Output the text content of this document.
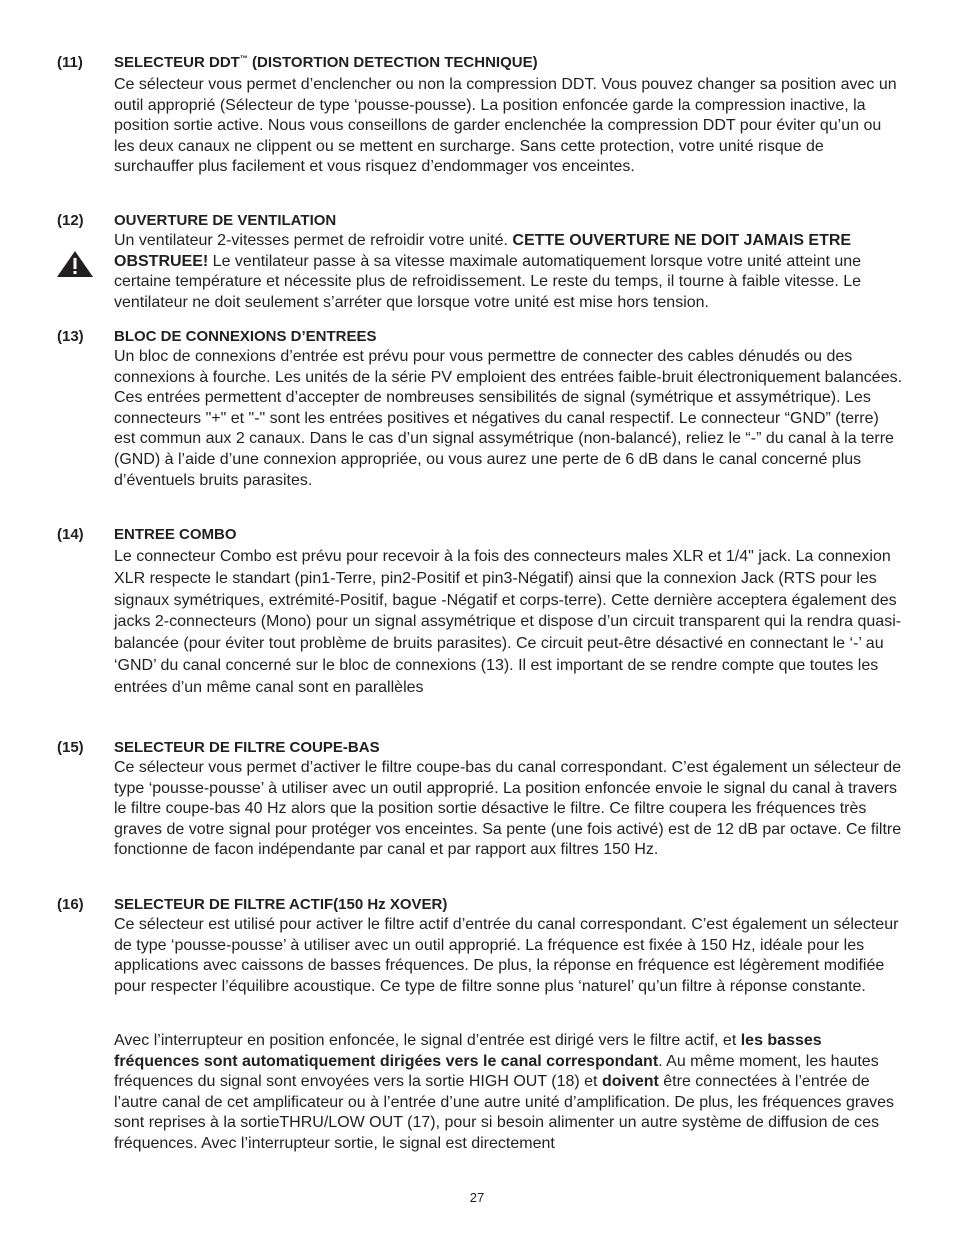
(11) SELECTEUR DDT™ (DISTORTION DETECTION TECHNIQUE)
Ce sélecteur vous permet d’enclencher ou non la compression DDT. Vous pouvez changer sa position avec un outil approprié (Sélecteur de type ‘pousse-pousse). La position enfoncée garde la compression inactive, la position sortie active. Nous vous conseillons de garder enclenchée la compression DDT pour éviter qu’un ou les deux canaux ne clippent ou se mettent en surcharge. Sans cette protection, votre unité risque de surchauffer plus facilement et vous risquez d’endommager vos enceintes.
(12) OUVERTURE DE VENTILATION
Un ventilateur 2-vitesses permet de refroidir votre unité. CETTE OUVERTURE NE DOIT JAMAIS ETRE OBSTRUEE! Le ventilateur passe à sa vitesse maximale automatiquement lorsque votre unité atteint une certaine température et nécessite plus de refroidissement. Le reste du temps, il tourne à faible vitesse. Le ventilateur ne doit seulement s’arréter que lorsque votre unité est mise hors tension.
(13) BLOC DE CONNEXIONS D’ENTREES
Un bloc de connexions d’entrée est prévu pour vous permettre de connecter des cables dénudés ou des connexions à fourche. Les unités de la série PV emploient des entrées faible-bruit électroniquement balancées. Ces entrées permettent d’accepter de nombreuses sensibilités de signal (symétrique et assymétrique). Les connecteurs "+" et "-" sont les entrées positives et négatives du canal respectif. Le connecteur “GND” (terre) est commun aux 2 canaux. Dans le cas d’un signal assymétrique (non-balancé), reliez le “-” du canal à la terre (GND) à l’aide d’une connexion appropriée, ou vous aurez une perte de 6 dB dans le canal concerné plus d’éventuels bruits parasites.
(14) ENTREE COMBO
Le connecteur Combo est prévu pour recevoir à la fois des connecteurs males XLR et 1/4" jack. La connexion XLR respecte le standart (pin1-Terre, pin2-Positif et pin3-Négatif) ainsi que la connexion Jack (RTS pour les signaux symétriques, extrémité-Positif, bague -Négatif et corps-terre). Cette dernière acceptera également des jacks 2-connecteurs (Mono) pour un signal assymétrique et dispose d’un circuit transparent qui la rendra quasi-balancée (pour éviter tout problème de bruits parasites). Ce circuit peut-être désactivé en connectant le ‘-’ au ‘GND’ du canal concerné sur le bloc de connexions (13). Il est important de se rendre compte que toutes les entrées d’un même canal sont en parallèles
(15) SELECTEUR DE FILTRE COUPE-BAS
Ce sélecteur vous permet d’activer le filtre coupe-bas du canal correspondant. C’est également un sélecteur de type ‘pousse-pousse’ à utiliser avec un outil approprié. La position enfoncée envoie le signal du canal à travers le filtre coupe-bas 40 Hz alors que la position sortie désactive le filtre. Ce filtre coupera les fréquences très graves de votre signal pour protéger vos enceintes. Sa pente (une fois activé) est de 12 dB par octave. Ce filtre fonctionne de facon indépendante par canal et par rapport aux filtres 150 Hz.
(16) SELECTEUR DE FILTRE ACTIF(150 Hz XOVER)
Ce sélecteur est utilisé pour activer le filtre actif d’entrée du canal correspondant. C’est également un sélecteur de type ‘pousse-pousse’ à utiliser avec un outil approprié. La fréquence est fixée à 150 Hz, idéale pour les applications avec caissons de basses fréquences. De plus, la réponse en fréquence est légèrement modifiée pour respecter l’équilibre acoustique. Ce type de filtre sonne plus ‘naturel’ qu’un filtre à réponse constante.
Avec l’interrupteur en position enfoncée, le signal d’entrée est dirigé vers le filtre actif, et les basses fréquences sont automatiquement dirigées vers le canal correspondant. Au même moment, les hautes fréquences du signal sont envoyées vers la sortie HIGH OUT (18) et doivent être connectées à l’entrée de l’autre canal de cet amplificateur ou à l’entrée d’une autre unité d’amplification. De plus, les fréquences graves sont reprises à la sortieTHRU/LOW OUT (17), pour si besoin alimenter un autre système de diffusion de ces fréquences. Avec l’interrupteur sortie, le signal est directement
27
